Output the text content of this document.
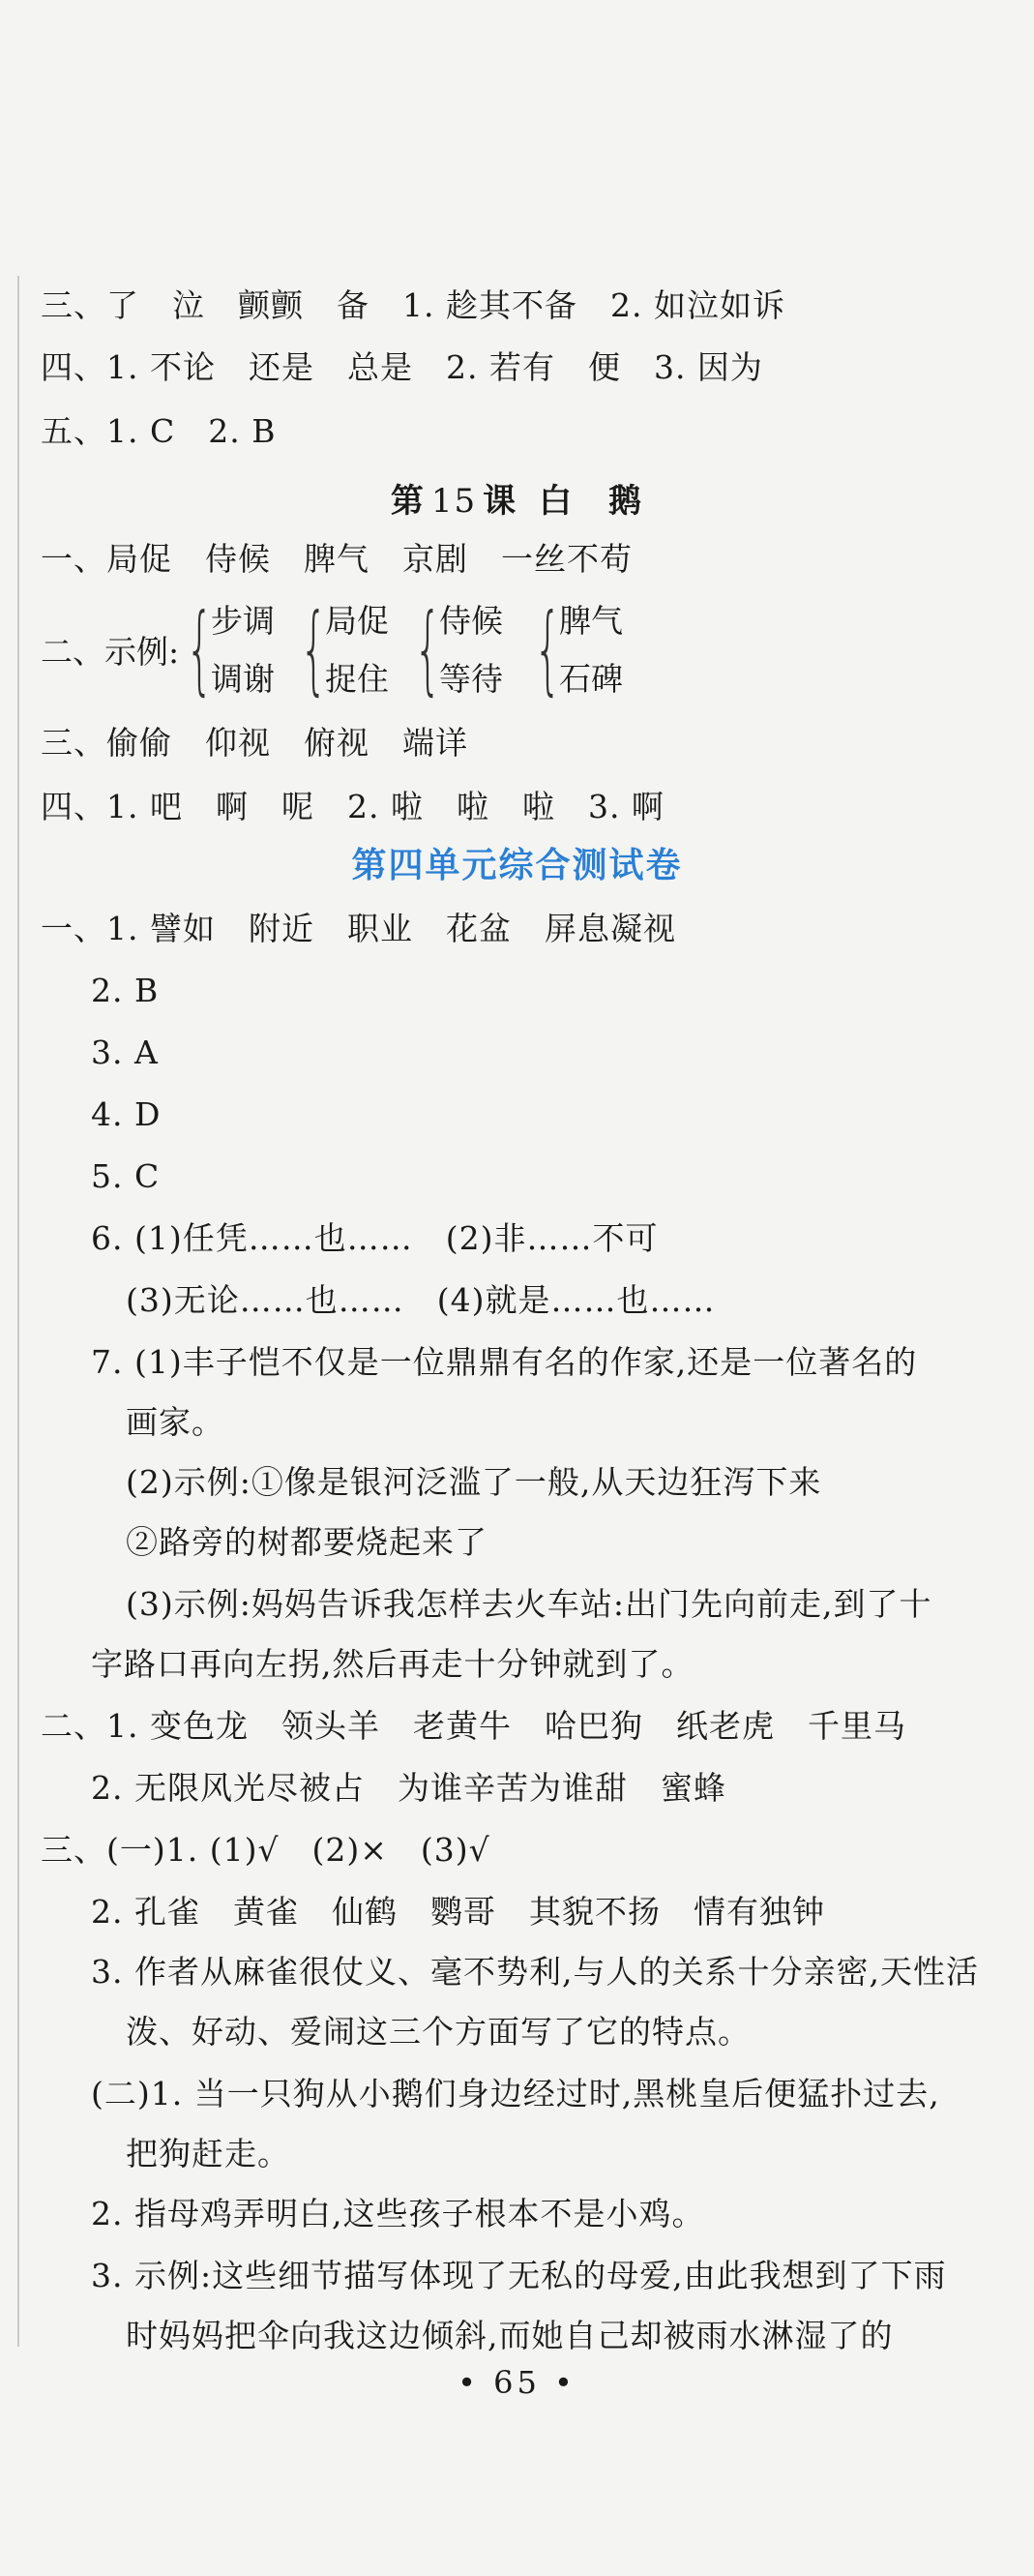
三、了　泣　颤颤　备　1. 趁其不备　2. 如泣如诉
四、1. 不论　还是　总是　2. 若有　便　3. 因为
五、1. C　2. B
第 15 课 白　鹅
一、局促　侍候　脾气　京剧　一丝不苟
二、示例: {
步调
调谢 {
局促
捉住 {
侍候
等待 {
脾气
石碑
三、偷偷　仰视　俯视　端详
四、1. 吧　啊　呢　2. 啦　啦　啦　3. 啊
第四单元综合测试卷
一、1. 譬如　附近　职业　花盆　屏息凝视
2. B
3. A
4. D
5. C
6. (1)任凭……也……　(2)非……不可
(3)无论……也……　(4)就是……也……
7. (1)丰子恺不仅是一位鼎鼎有名的作家,还是一位著名的
画家。
(2)示例:①像是银河泛滥了一般,从天边狂泻下来
②路旁的树都要烧起来了
(3)示例:妈妈告诉我怎样去火车站:出门先向前走,到了十
字路口再向左拐,然后再走十分钟就到了。
二、1. 变色龙　领头羊　老黄牛　哈巴狗　纸老虎　千里马
2. 无限风光尽被占　为谁辛苦为谁甜　蜜蜂
三、(一)1. (1)√　(2)×　(3)√
2. 孔雀　黄雀　仙鹤　鹦哥　其貌不扬　情有独钟
3. 作者从麻雀很仗义、毫不势利,与人的关系十分亲密,天性活
泼、好动、爱闹这三个方面写了它的特点。
(二)1. 当一只狗从小鹅们身边经过时,黑桃皇后便猛扑过去,
把狗赶走。
2. 指母鸡弄明白,这些孩子根本不是小鸡。
3. 示例:这些细节描写体现了无私的母爱,由此我想到了下雨
时妈妈把伞向我这边倾斜,而她自己却被雨水淋湿了的
• 65 •
